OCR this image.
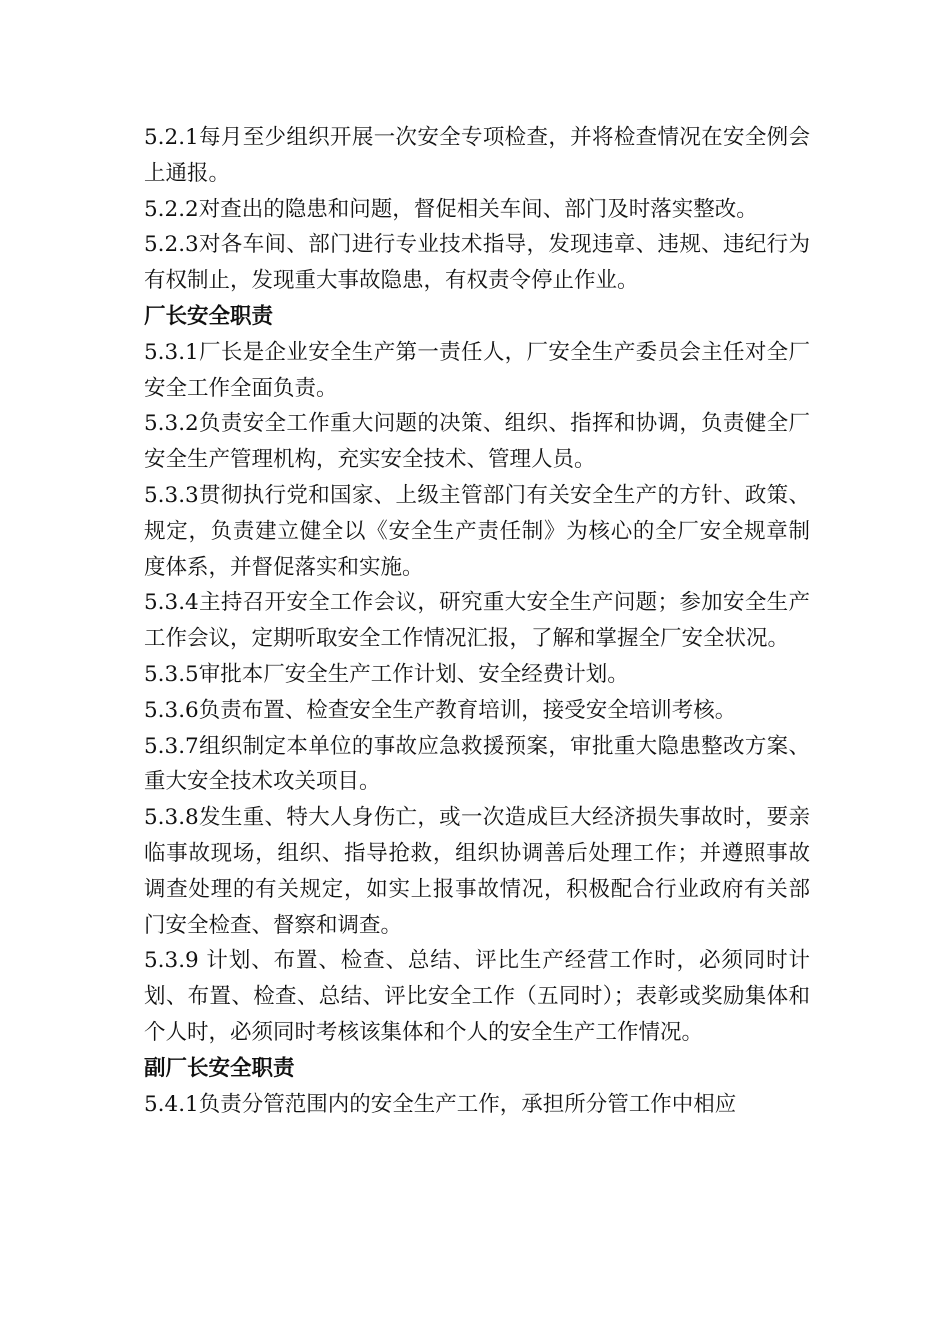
5.2.1每月至少组织开展一次安全专项检查，并将检查情况在安全例会上通报。

5.2.2对查出的隐患和问题，督促相关车间、部门及时落实整改。

5.2.3对各车间、部门进行专业技术指导，发现违章、违规、违纪行为有权制止，发现重大事故隐患，有权责令停止作业。

厂长安全职责

5.3.1厂长是企业安全生产第一责任人，厂安全生产委员会主任对全厂安全工作全面负责。

5.3.2负责安全工作重大问题的决策、组织、指挥和协调，负责健全厂安全生产管理机构，充实安全技术、管理人员。

5.3.3贯彻执行党和国家、上级主管部门有关安全生产的方针、政策、规定，负责建立健全以《安全生产责任制》为核心的全厂安全规章制度体系，并督促落实和实施。

5.3.4主持召开安全工作会议，研究重大安全生产问题；参加安全生产工作会议，定期听取安全工作情况汇报，了解和掌握全厂安全状况。

5.3.5审批本厂安全生产工作计划、安全经费计划。

5.3.6负责布置、检查安全生产教育培训，接受安全培训考核。

5.3.7组织制定本单位的事故应急救援预案，审批重大隐患整改方案、重大安全技术攻关项目。

5.3.8发生重、特大人身伤亡，或一次造成巨大经济损失事故时，要亲临事故现场，组织、指导抢救，组织协调善后处理工作；并遵照事故调查处理的有关规定，如实上报事故情况，积极配合行业政府有关部门安全检查、督察和调查。

5.3.9 计划、布置、检查、总结、评比生产经营工作时，必须同时计划、布置、检查、总结、评比安全工作（五同时）；表彰或奖励集体和个人时，必须同时考核该集体和个人的安全生产工作情况。

副厂长安全职责

5.4.1负责分管范围内的安全生产工作，承担所分管工作中相应
